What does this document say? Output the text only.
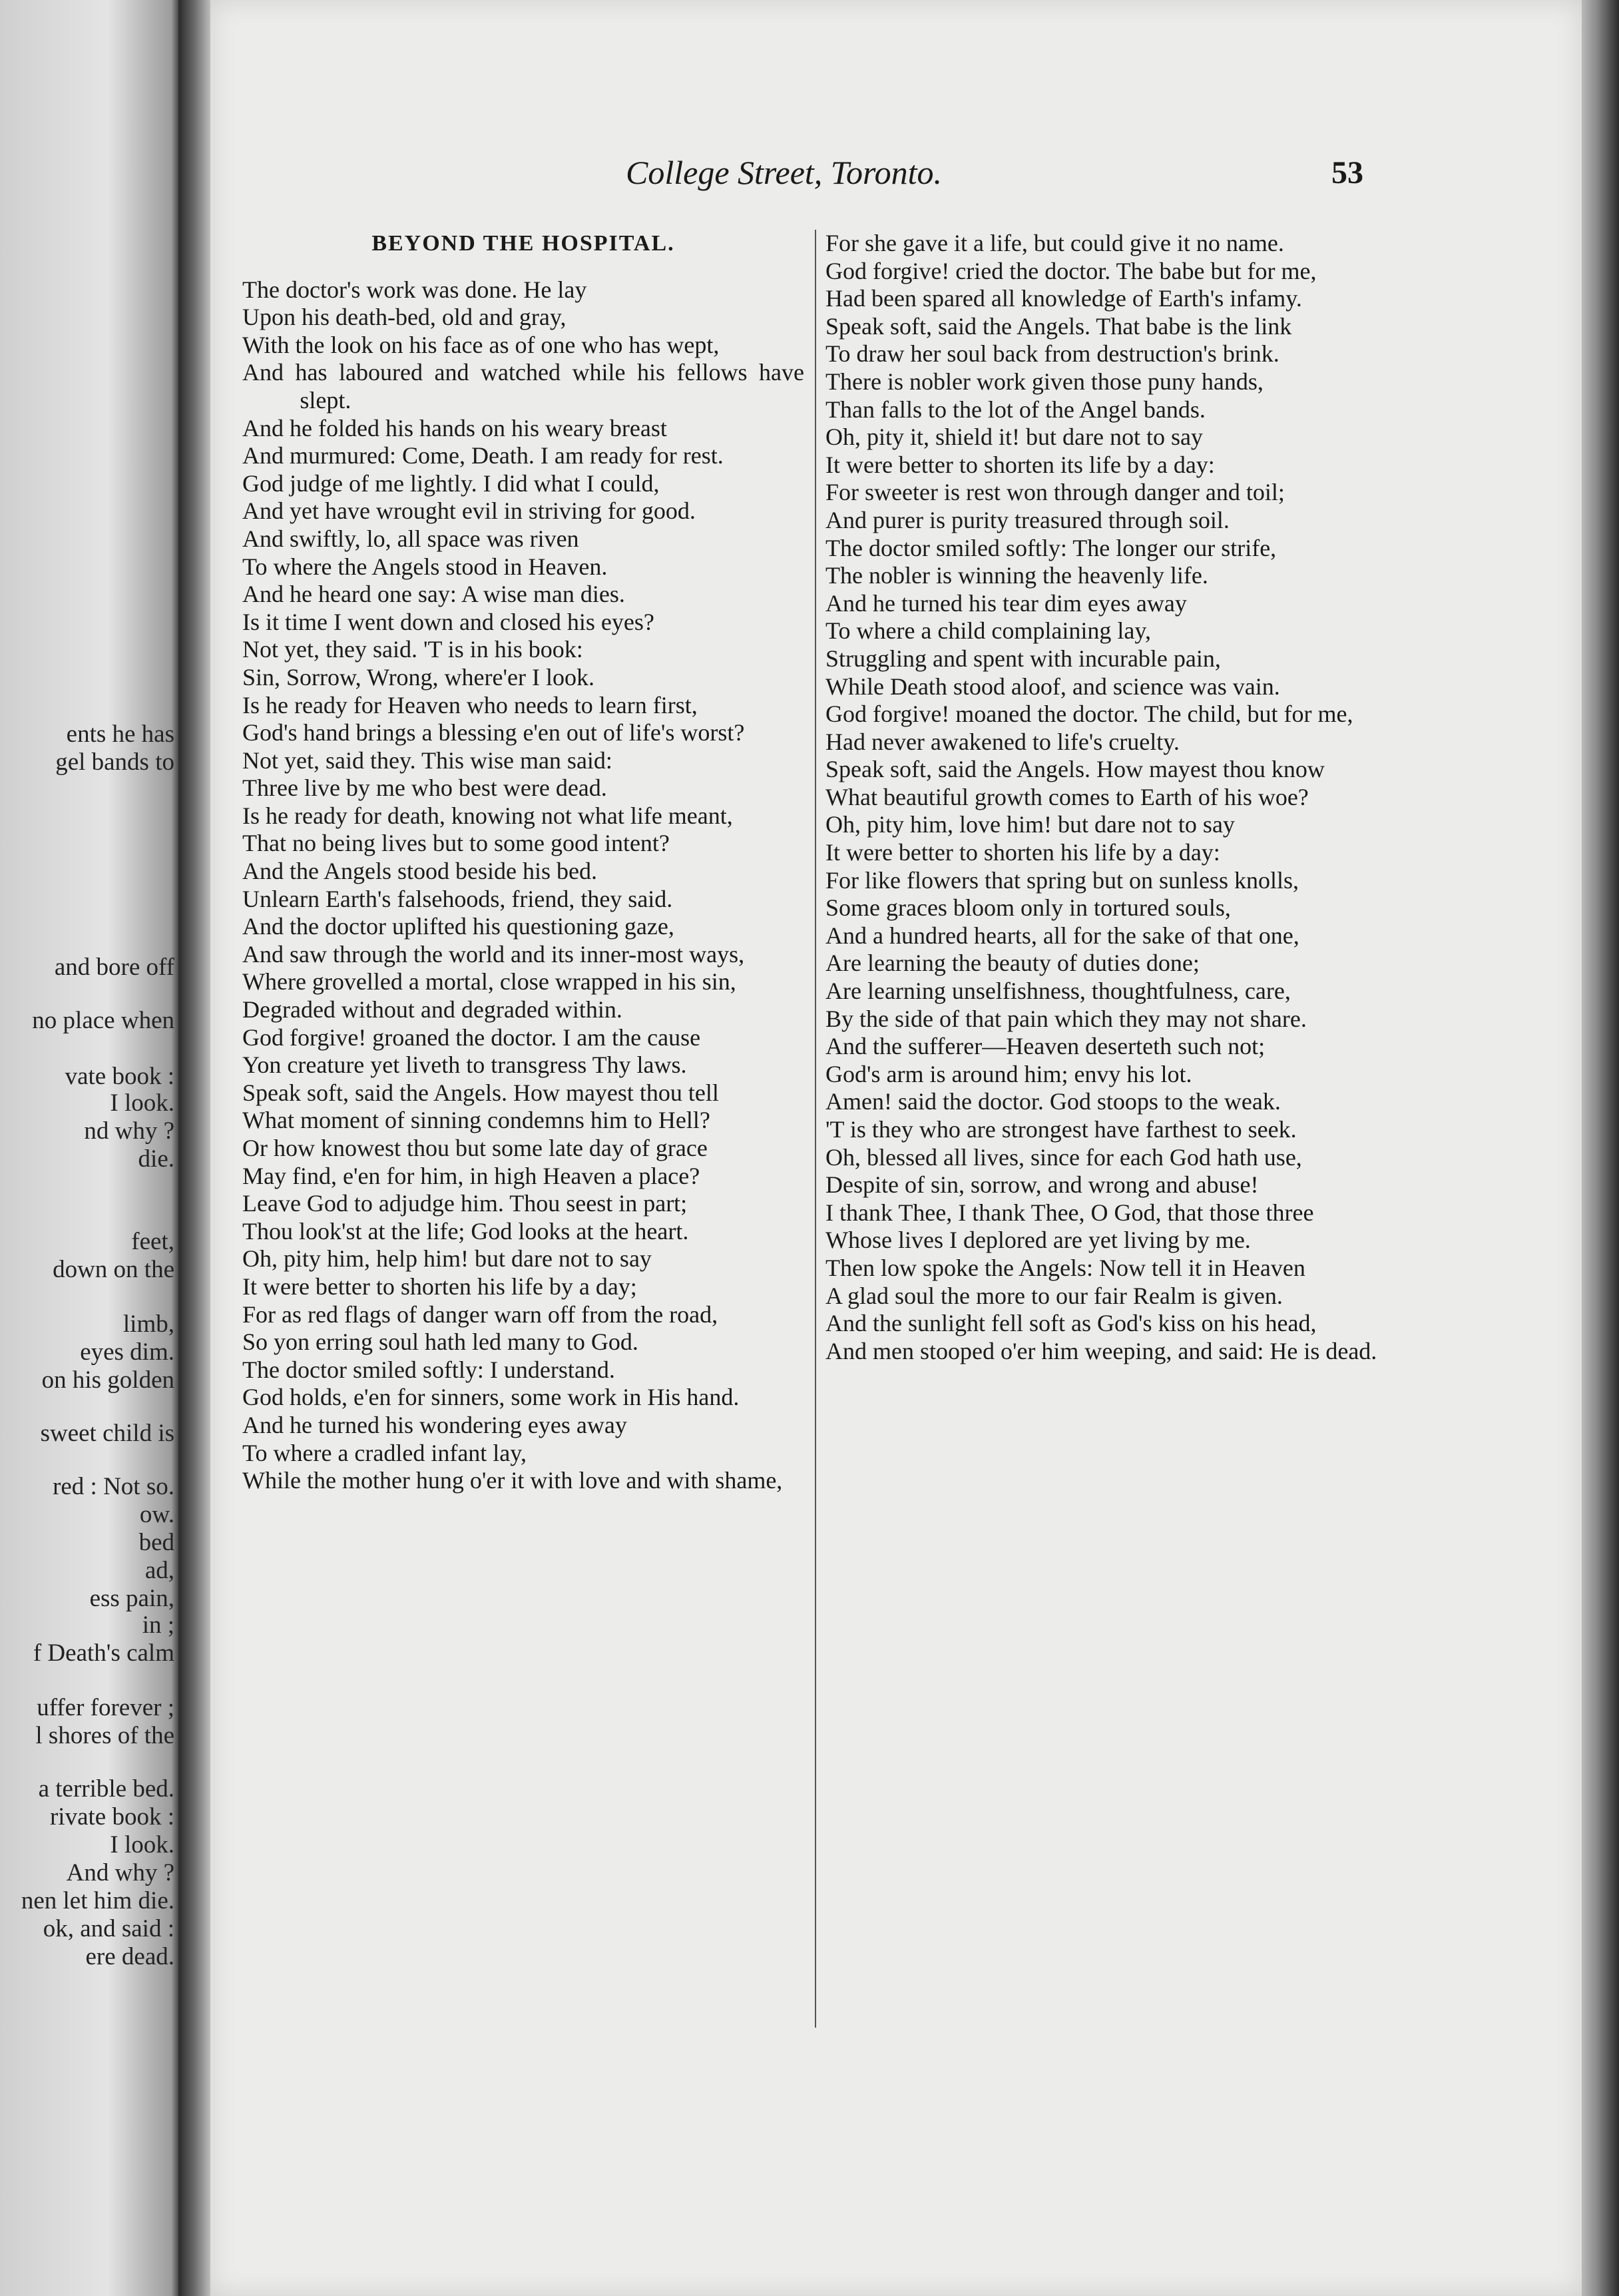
ents he has
gel bands to
and bore off
no place when
vate book :
I look.
nd why ?
die.
feet,
down on the
limb,
eyes dim.
on his golden
sweet child is
red : Not so.
ow.
bed
ad,
ess pain,
in ;
f Death's calm
uffer forever ;
l shores of the
a terrible bed.
rivate book :
I look.
And why ?
nen let him die.
ok, and said :
ere dead.
College Street, Toronto.	53
BEYOND THE HOSPITAL.

The doctor's work was done. He lay

Upon his death-bed, old and gray,

With the look on his face as of one who has wept,

And has laboured and watched while his fellows have slept.

And he folded his hands on his weary breast

And murmured: Come, Death. I am ready for rest.

God judge of me lightly. I did what I could,

And yet have wrought evil in striving for good.

And swiftly, lo, all space was riven

To where the Angels stood in Heaven.

And he heard one say: A wise man dies.

Is it time I went down and closed his eyes?

Not yet, they said. 'T is in his book:

Sin, Sorrow, Wrong, where'er I look.

Is he ready for Heaven who needs to learn first,

God's hand brings a blessing e'en out of life's worst?

Not yet, said they. This wise man said:

Three live by me who best were dead.

Is he ready for death, knowing not what life meant,

That no being lives but to some good intent?

And the Angels stood beside his bed.

Unlearn Earth's falsehoods, friend, they said.

And the doctor uplifted his questioning gaze,

And saw through the world and its inner-most ways,

Where grovelled a mortal, close wrapped in his sin,

Degraded without and degraded within.

God forgive! groaned the doctor. I am the cause

Yon creature yet liveth to transgress Thy laws.

Speak soft, said the Angels. How mayest thou tell

What moment of sinning condemns him to Hell?

Or how knowest thou but some late day of grace

May find, e'en for him, in high Heaven a place?

Leave God to adjudge him. Thou seest in part;

Thou look'st at the life; God looks at the heart.

Oh, pity him, help him! but dare not to say

It were better to shorten his life by a day;

For as red flags of danger warn off from the road,

So yon erring soul hath led many to God.

The doctor smiled softly: I understand.

God holds, e'en for sinners, some work in His hand.

And he turned his wondering eyes away

To where a cradled infant lay,

While the mother hung o'er it with love and with shame,

For she gave it a life, but could give it no name.

God forgive! cried the doctor. The babe but for me,

Had been spared all knowledge of Earth's infamy.

Speak soft, said the Angels. That babe is the link

To draw her soul back from destruction's brink.

There is nobler work given those puny hands,

Than falls to the lot of the Angel bands.

Oh, pity it, shield it! but dare not to say

It were better to shorten its life by a day:

For sweeter is rest won through danger and toil;

And purer is purity treasured through soil.

The doctor smiled softly: The longer our strife,

The nobler is winning the heavenly life.

And he turned his tear dim eyes away

To where a child complaining lay,

Struggling and spent with incurable pain,

While Death stood aloof, and science was vain.

God forgive! moaned the doctor. The child, but for me,

Had never awakened to life's cruelty.

Speak soft, said the Angels. How mayest thou know

What beautiful growth comes to Earth of his woe?

Oh, pity him, love him! but dare not to say

It were better to shorten his life by a day:

For like flowers that spring but on sunless knolls,

Some graces bloom only in tortured souls,

And a hundred hearts, all for the sake of that one,

Are learning the beauty of duties done;

Are learning unselfishness, thoughtfulness, care,

By the side of that pain which they may not share.

And the sufferer—Heaven deserteth such not;

God's arm is around him; envy his lot.

Amen! said the doctor. God stoops to the weak.

'T is they who are strongest have farthest to seek.

Oh, blessed all lives, since for each God hath use,

Despite of sin, sorrow, and wrong and abuse!

I thank Thee, I thank Thee, O God, that those three

Whose lives I deplored are yet living by me.

Then low spoke the Angels: Now tell it in Heaven

A glad soul the more to our fair Realm is given.

And the sunlight fell soft as God's kiss on his head,

And men stooped o'er him weeping, and said: He is dead.
